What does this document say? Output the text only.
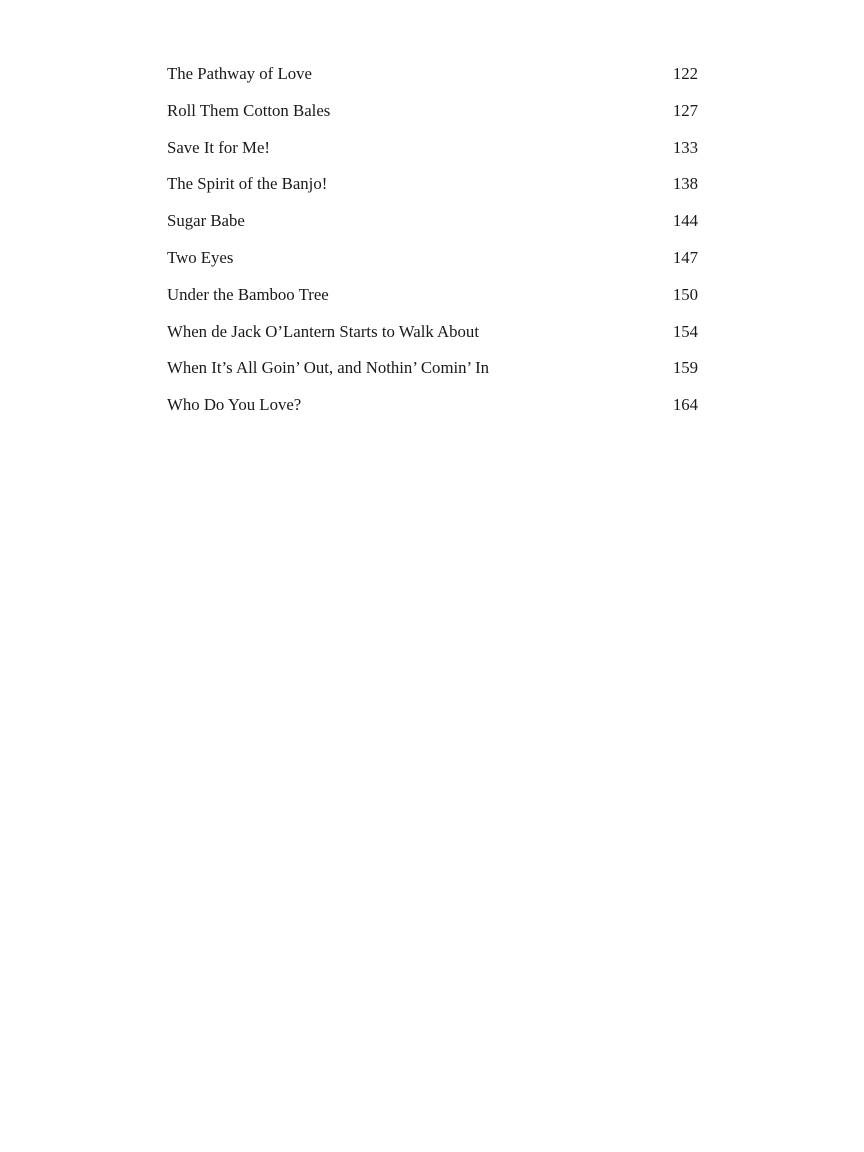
The Pathway of Love	122
Roll Them Cotton Bales	127
Save It for Me!	133
The Spirit of the Banjo!	138
Sugar Babe	144
Two Eyes	147
Under the Bamboo Tree	150
When de Jack O’Lantern Starts to Walk About	154
When It’s All Goin’ Out, and Nothin’ Comin’ In	159
Who Do You Love?	164
